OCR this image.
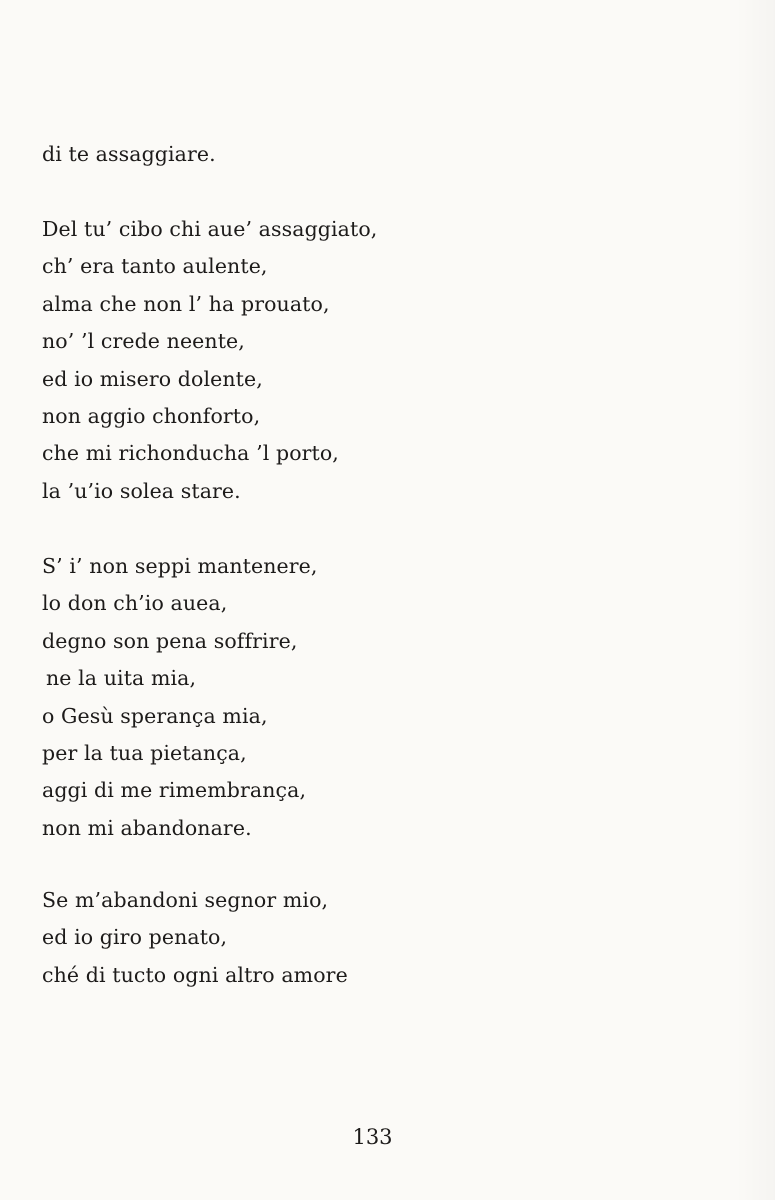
di te assaggiare.
Del tu’ cibo chi aue’ assaggiato,
ch’ era tanto aulente,
alma che non l’ ha prouato,
no’ ’l crede neente,
ed io misero dolente,
non aggio chonforto,
che mi richonducha ’l porto,
la ’u’io solea stare.
S’ i’ non seppi mantenere,
lo don ch’io auea,
degno son pena soffrire,
ne la uita mia,
o Gesù sperança mia,
per la tua pietança,
aggi di me rimembrança,
non mi abandonare.
Se m’abandoni segnor mio,
ed io giro penato,
ché di tucto ogni altro amore
133
